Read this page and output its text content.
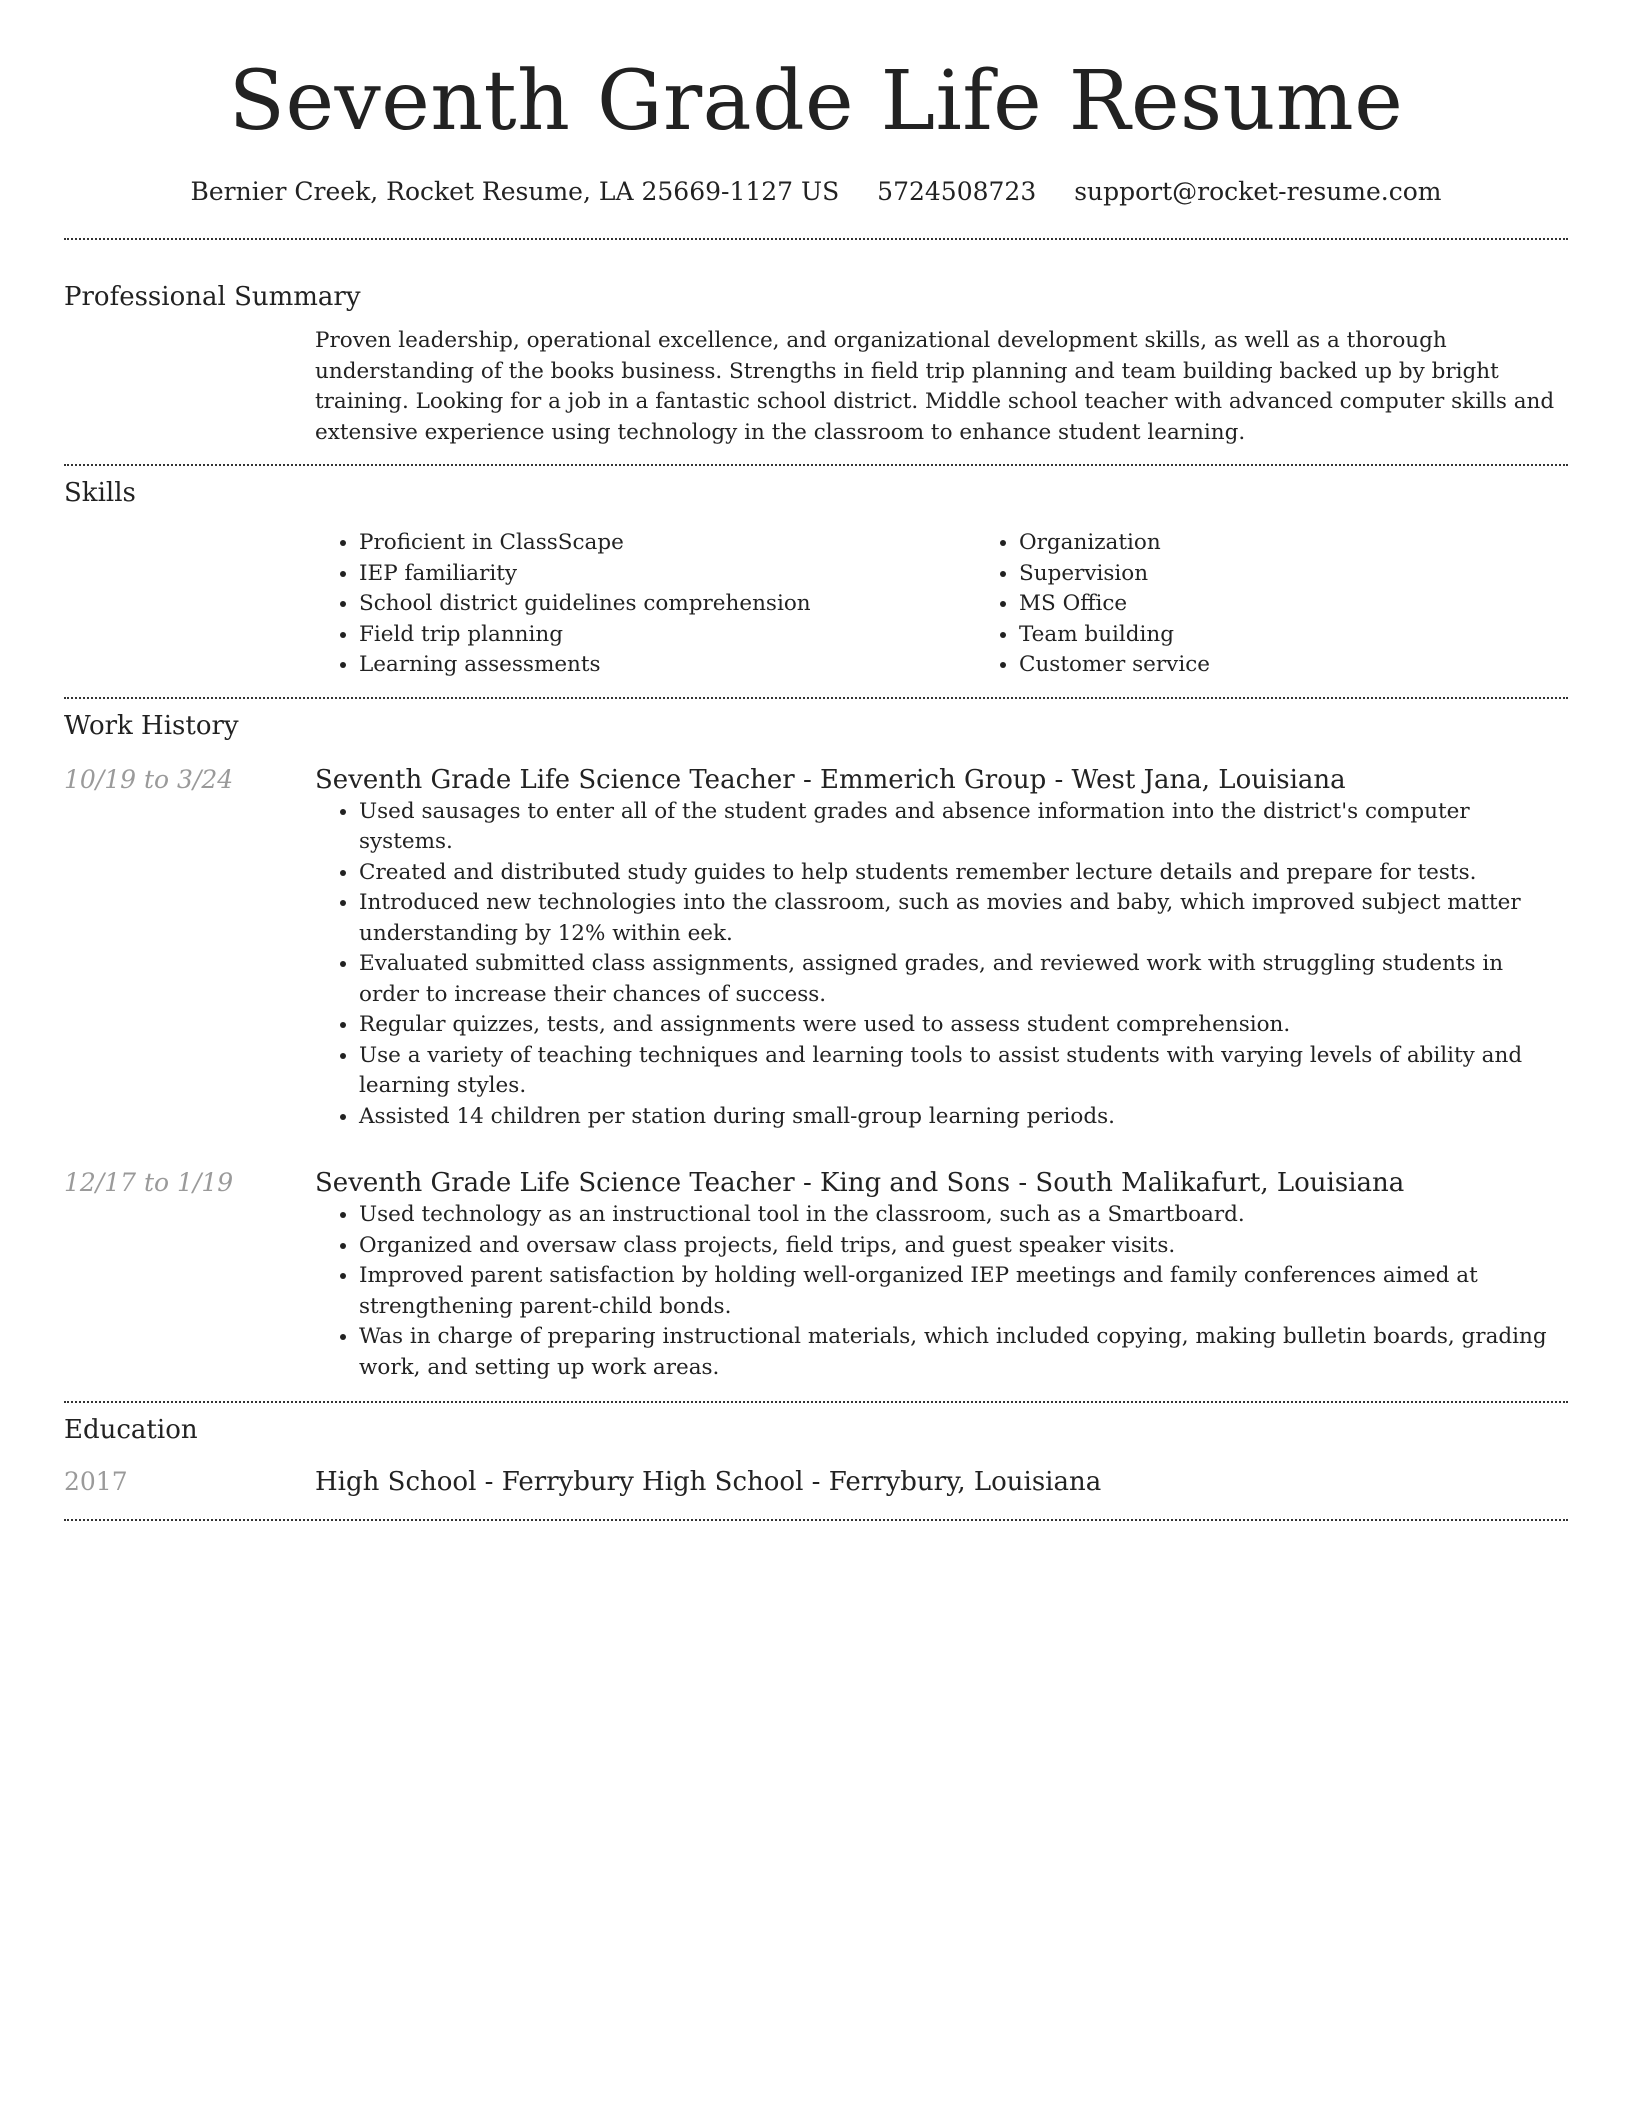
Seventh Grade Life Resume
Bernier Creek, Rocket Resume, LA 25669-1127 US 5724508723 support@rocket-resume.com
Professional Summary
Proven leadership, operational excellence, and organizational development skills, as well as a thorough understanding of the books business. Strengths in field trip planning and team building backed up by bright training. Looking for a job in a fantastic school district. Middle school teacher with advanced computer skills and extensive experience using technology in the classroom to enhance student learning.
Skills
• Proficient in ClassScape
• IEP familiarity
• School district guidelines comprehension
• Field trip planning
• Learning assessments
• Organization
• Supervision
• MS Office
• Team building
• Customer service
Work History
10/19 to 3/24	Seventh Grade Life Science Teacher - Emmerich Group - West Jana, Louisiana
• Used sausages to enter all of the student grades and absence information into the district's computer systems.
• Created and distributed study guides to help students remember lecture details and prepare for tests.
• Introduced new technologies into the classroom, such as movies and baby, which improved subject matter understanding by 12% within eek.
• Evaluated submitted class assignments, assigned grades, and reviewed work with struggling students in order to increase their chances of success.
• Regular quizzes, tests, and assignments were used to assess student comprehension.
• Use a variety of teaching techniques and learning tools to assist students with varying levels of ability and learning styles.
• Assisted 14 children per station during small-group learning periods.
12/17 to 1/19	Seventh Grade Life Science Teacher - King and Sons - South Malikafurt, Louisiana
• Used technology as an instructional tool in the classroom, such as a Smartboard.
• Organized and oversaw class projects, field trips, and guest speaker visits.
• Improved parent satisfaction by holding well-organized IEP meetings and family conferences aimed at strengthening parent-child bonds.
• Was in charge of preparing instructional materials, which included copying, making bulletin boards, grading work, and setting up work areas.
Education
2017	High School - Ferrybury High School - Ferrybury, Louisiana
